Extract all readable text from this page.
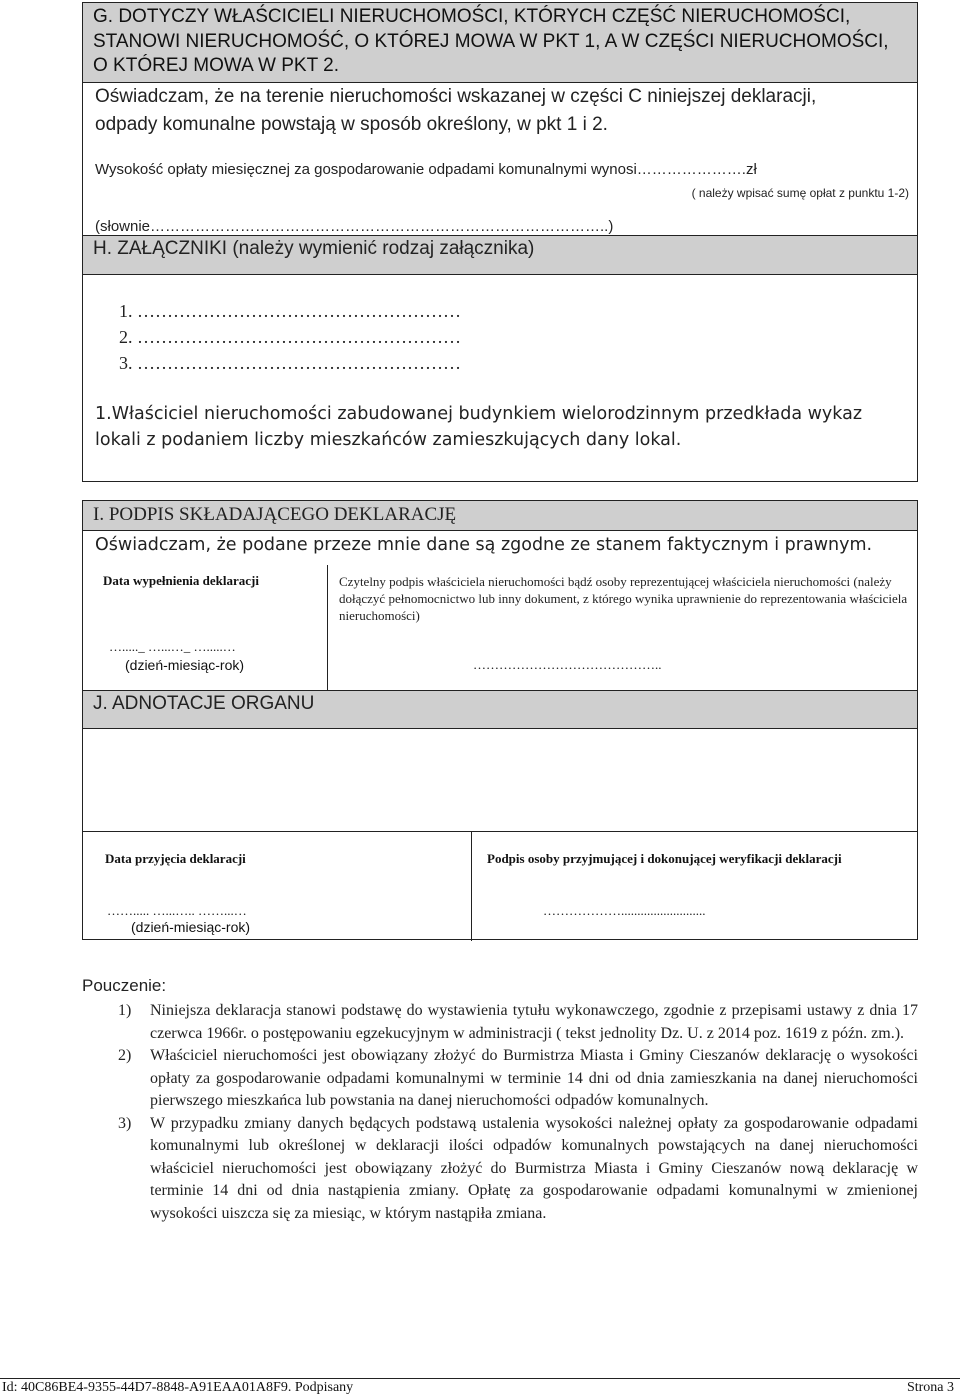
G. DOTYCZY WŁAŚCICIELI NIERUCHOMOŚCI, KTÓRYCH CZĘŚĆ NIERUCHOMOŚCI, STANOWI NIERUCHOMOŚĆ, O KTÓREJ MOWA W PKT 1, A W CZĘŚCI NIERUCHOMOŚCI, O KTÓREJ MOWA W PKT 2.
Oświadczam, że na terenie nieruchomości wskazanej w części C niniejszej deklaracji,
odpady komunalne powstają w sposób określony, w pkt 1 i 2.
Wysokość opłaty miesięcznej za gospodarowanie odpadami komunalnymi wynosi………………….zł
( należy wpisać sumę opłat z punktu 1-2)
(słownie………………………………………………………………………………..)
H. ZAŁĄCZNIKI (należy wymienić rodzaj załącznika)
1. ………………………………………………
2. ………………………………………………
3. ………………………………………………
1.Właściciel nieruchomości zabudowanej budynkiem wielorodzinnym przedkłada wykaz
lokali z podaniem liczby mieszkańców zamieszkujących dany lokal.
I. PODPIS SKŁADAJĄCEGO DEKLARACJĘ
Oświadczam, że podane przeze mnie dane są zgodne ze stanem faktycznym i prawnym.
Data wypełnienia deklaracji	Czytelny podpis właściciela nieruchomości bądź osoby reprezentującej właściciela nieruchomości (należy dołączyć pełnomocnictwo lub inny dokument, z którego wynika uprawnienie do reprezentowania właściciela nieruchomości)
…....._ …...…_ ….....…
(dzień-miesiąc-rok)	……………………………………..
J. ADNOTACJE ORGANU
Data przyjęcia deklaracji	Podpis osoby przyjmującej i dokonującej weryfikacji deklaracji
……..... …...….. ……...…
(dzień-miesiąc-rok)
………………..........................
Pouczenie:
1) Niniejsza deklaracja stanowi podstawę do wystawienia tytułu wykonawczego, zgodnie z przepisami ustawy z dnia 17 czerwca 1966r. o postępowaniu egzekucyjnym w administracji ( tekst jednolity Dz. U. z 2014 poz. 1619 z późn. zm.).
2) Właściciel nieruchomości jest obowiązany złożyć do Burmistrza Miasta i Gminy Cieszanów deklarację o wysokości opłaty za gospodarowanie odpadami komunalnymi w terminie 14 dni od dnia zamieszkania na danej nieruchomości pierwszego mieszkańca lub powstania na danej nieruchomości odpadów komunalnych.
3) W przypadku zmiany danych będących podstawą ustalenia wysokości należnej opłaty za gospodarowanie odpadami komunalnymi lub określonej w deklaracji ilości odpadów komunalnych powstających na danej nieruchomości właściciel nieruchomości jest obowiązany złożyć do Burmistrza Miasta i Gminy Cieszanów nową deklarację w terminie 14 dni od dnia nastąpienia zmiany. Opłatę za gospodarowanie odpadami komunalnymi w zmienionej wysokości uiszcza się za miesiąc, w którym nastąpiła zmiana.
Id: 40C86BE4-9355-44D7-8848-A91EAA01A8F9. Podpisany	Strona 3
